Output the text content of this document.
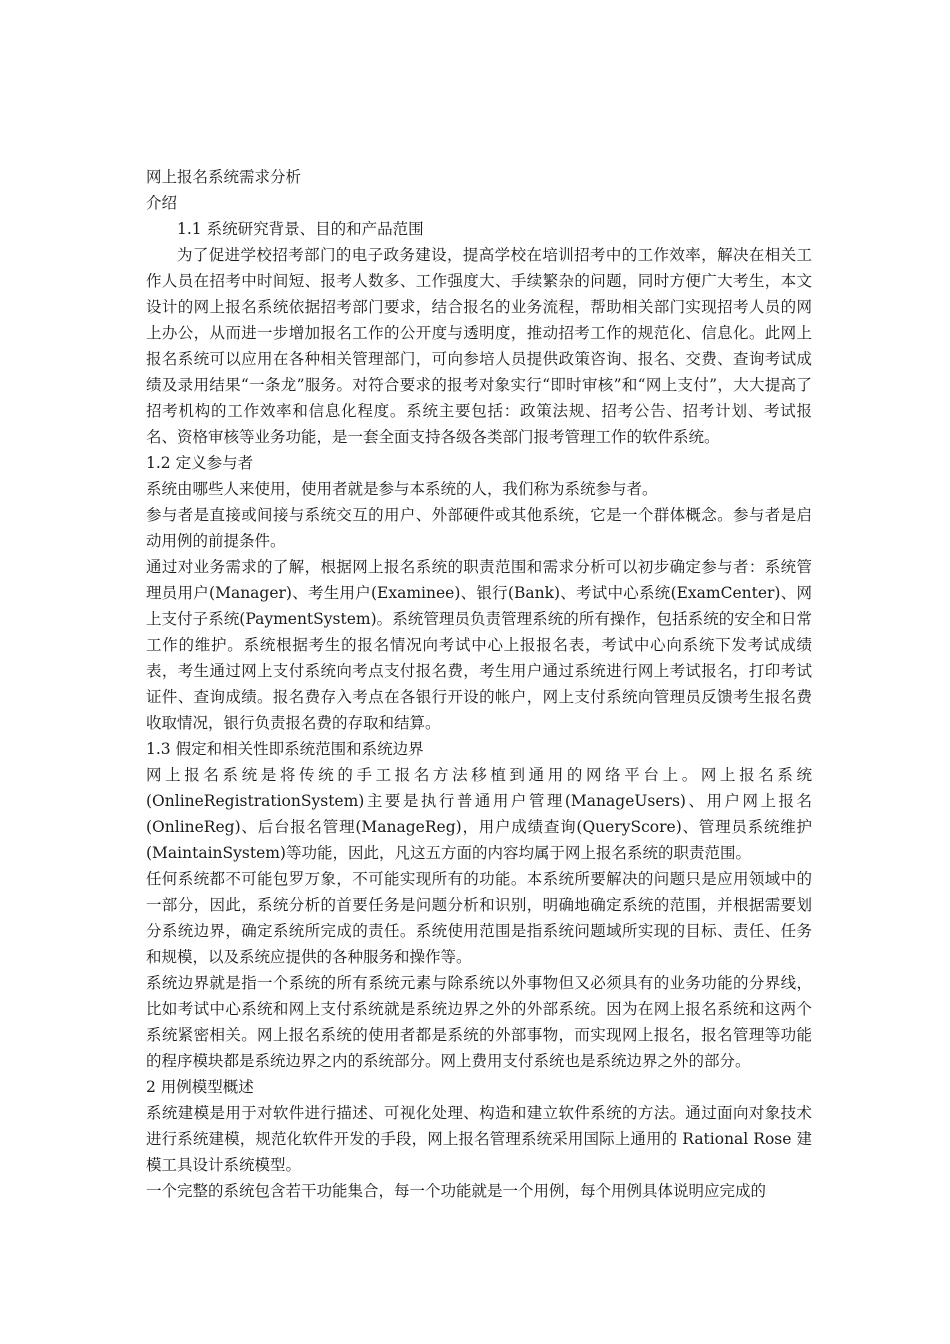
网上报名系统需求分析

介绍

1.1 系统研究背景、目的和产品范围

为了促进学校招考部门的电子政务建设，提高学校在培训招考中的工作效率，解决在相关工作人员在招考中时间短、报考人数多、工作强度大、手续繁杂的问题，同时方便广大考生，本文设计的网上报名系统依据招考部门要求，结合报名的业务流程，帮助相关部门实现招考人员的网上办公，从而进一步增加报名工作的公开度与透明度，推动招考工作的规范化、信息化。此网上报名系统可以应用在各种相关管理部门，可向参培人员提供政策咨询、报名、交费、查询考试成绩及录用结果“一条龙”服务。对符合要求的报考对象实行“即时审核”和“网上支付”，大大提高了招考机构的工作效率和信息化程度。系统主要包括：政策法规、招考公告、招考计划、考试报名、资格审核等业务功能，是一套全面支持各级各类部门报考管理工作的软件系统。

1.2 定义参与者

系统由哪些人来使用，使用者就是参与本系统的人，我们称为系统参与者。

参与者是直接或间接与系统交互的用户、外部硬件或其他系统，它是一个群体概念。参与者是启动用例的前提条件。

通过对业务需求的了解，根据网上报名系统的职责范围和需求分析可以初步确定参与者：系统管理员用户(Manager)、考生用户(Examinee)、银行(Bank)、考试中心系统(ExamCenter)、网上支付子系统(PaymentSystem)。系统管理员负责管理系统的所有操作，包括系统的安全和日常工作的维护。系统根据考生的报名情况向考试中心上报报名表，考试中心向系统下发考试成绩表，考生通过网上支付系统向考点支付报名费，考生用户通过系统进行网上考试报名，打印考试证件、查询成绩。报名费存入考点在各银行开设的帐户，网上支付系统向管理员反馈考生报名费收取情况，银行负责报名费的存取和结算。

1.3 假定和相关性即系统范围和系统边界

网上报名系统是将传统的手工报名方法移植到通用的网络平台上。网上报名系统(OnlineRegistrationSystem)主要是执行普通用户管理(ManageUsers)、用户网上报名(OnlineReg)、后台报名管理(ManageReg)，用户成绩查询(QueryScore)、管理员系统维护(MaintainSystem)等功能，因此，凡这五方面的内容均属于网上报名系统的职责范围。

任何系统都不可能包罗万象，不可能实现所有的功能。本系统所要解决的问题只是应用领域中的一部分，因此，系统分析的首要任务是问题分析和识别，明确地确定系统的范围，并根据需要划分系统边界，确定系统所完成的责任。系统使用范围是指系统问题域所实现的目标、责任、任务和规模，以及系统应提供的各种服务和操作等。

系统边界就是指一个系统的所有系统元素与除系统以外事物但又必须具有的业务功能的分界线，比如考试中心系统和网上支付系统就是系统边界之外的外部系统。因为在网上报名系统和这两个系统紧密相关。网上报名系统的使用者都是系统的外部事物，而实现网上报名，报名管理等功能的程序模块都是系统边界之内的系统部分。网上费用支付系统也是系统边界之外的部分。

2 用例模型概述

系统建模是用于对软件进行描述、可视化处理、构造和建立软件系统的方法。通过面向对象技术进行系统建模，规范化软件开发的手段，网上报名管理系统采用国际上通用的 Rational Rose 建模工具设计系统模型。

一个完整的系统包含若干功能集合，每一个功能就是一个用例，每个用例具体说明应完成的
